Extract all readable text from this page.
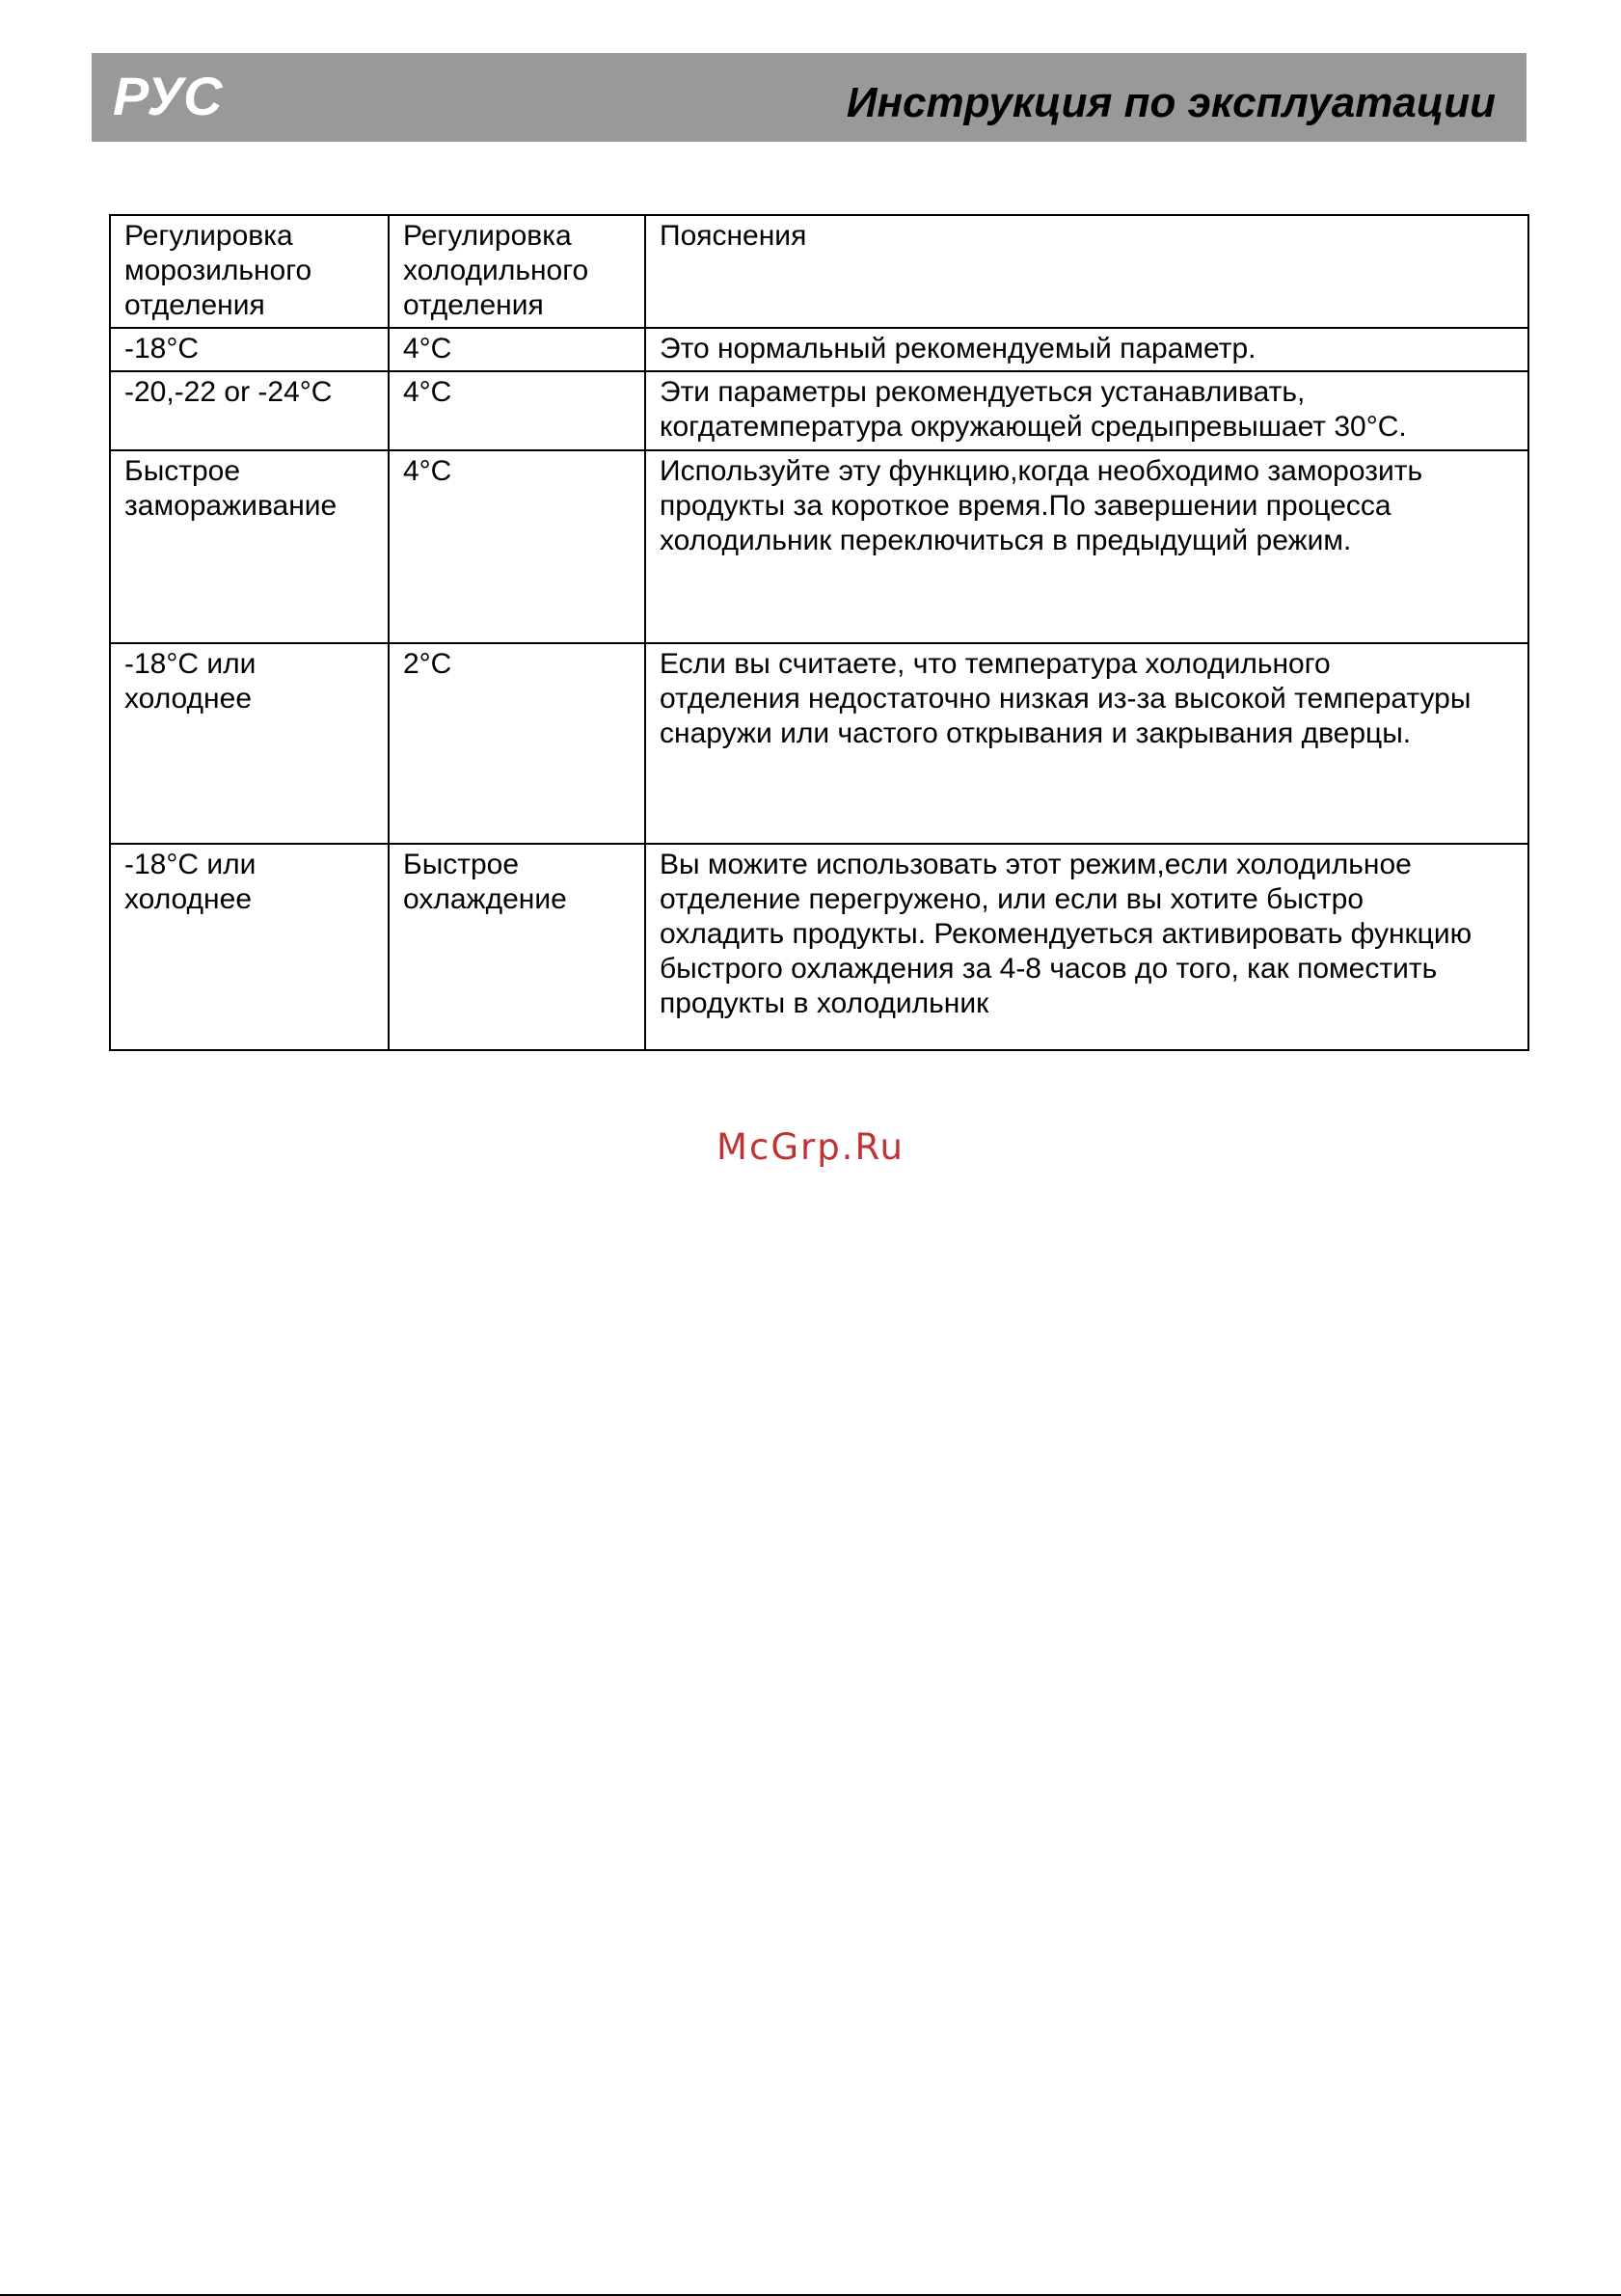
РУС	Инструкция по эксплуатации
Регулировка
морозильного
отделения	Регулировка
холодильного
отделения	Пояснения

-18°C	4°C	Это нормальный рекомендуемый параметр.

-20,-22 or -24°C	4°C	Эти параметры рекомендуеться устанавливать,
когдатемпература окружающей средыпревышает 30°C.

Быстрое
замораживание	4°C	Используйте эту функцию,когда необходимо заморозить
продукты за короткое время.По завершении процесса
холодильник переключиться в предыдущий режим.

-18°C или
холоднее	2°C	Если вы считаете, что температура холодильного
отделения недостаточно низкая из-за высокой температуры
снаружи или частого открывания и закрывания дверцы.

-18°C или
холоднее	Быстрое
охлаждение	Вы можите использовать этот режим,если холодильное
отделение перегружено, или если вы хотите быстро
охладить продукты. Рекомендуеться активировать функцию
быстрого охлаждения за 4-8 часов до того, как поместить
продукты в холодильник
McGrp.Ru
